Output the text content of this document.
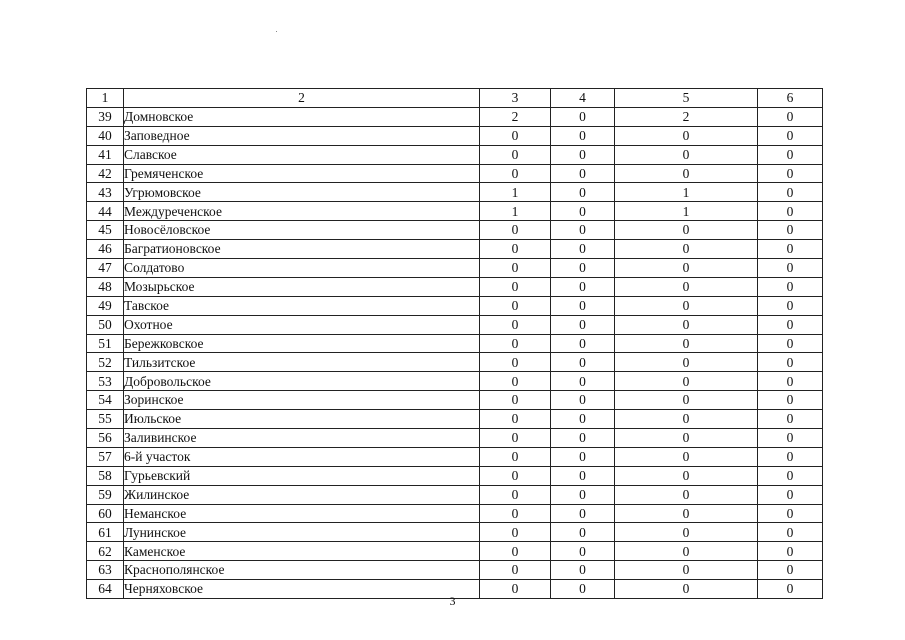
1	2	3	4	5	6
39	Домновское	2	0	2	0
40	Заповедное	0	0	0	0
41	Славское	0	0	0	0
42	Гремяченское	0	0	0	0
43	Угрюмовское	1	0	1	0
44	Междуреченское	1	0	1	0
45	Новосёловское	0	0	0	0
46	Багратионовское	0	0	0	0
47	Солдатово	0	0	0	0
48	Мозырьское	0	0	0	0
49	Тавское	0	0	0	0
50	Охотное	0	0	0	0
51	Бережковское	0	0	0	0
52	Тильзитское	0	0	0	0
53	Добровольское	0	0	0	0
54	Зоринское	0	0	0	0
55	Июльское	0	0	0	0
56	Заливинское	0	0	0	0
57	6-й участок	0	0	0	0
58	Гурьевский	0	0	0	0
59	Жилинское	0	0	0	0
60	Неманское	0	0	0	0
61	Лунинское	0	0	0	0
62	Каменское	0	0	0	0
63	Краснополянское	0	0	0	0
64	Черняховское	0	0	0	0
3
